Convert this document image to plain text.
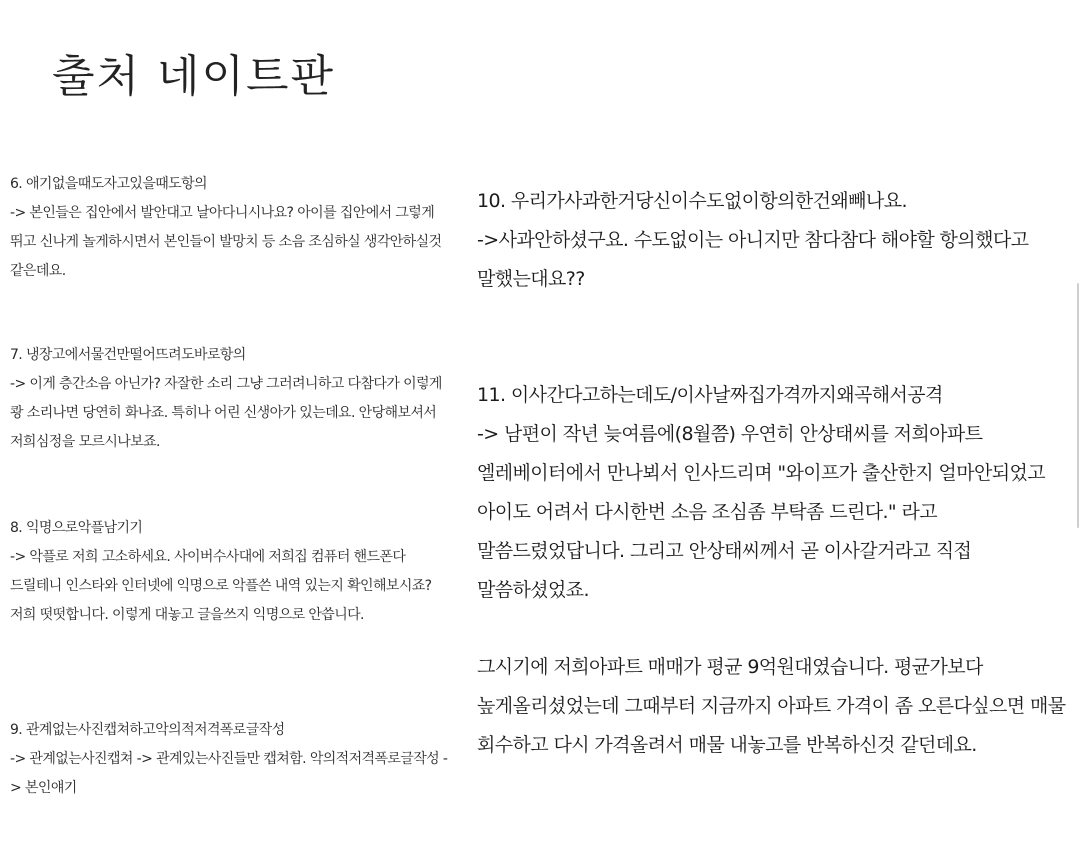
출처 네이트판

6. 애기없을때도자고있을때도항의

-> 본인들은 집안에서 발안대고 날아다니시나요? 아이를 집안에서 그렇게 뛰고 신나게 놀게하시면서 본인들이 발망치 등 소음 조심하실 생각안하실것 같은데요.

7. 냉장고에서물건만떨어뜨려도바로항의

-> 이게 층간소음 아닌가? 자잘한 소리 그냥 그러려니하고 다참다가 이렇게 쾅 소리나면 당연히 화나죠. 특히나 어린 신생아가 있는데요. 안당해보셔서 저희심정을 모르시나보죠.

8. 익명으로악플남기기

-> 악플로 저희 고소하세요. 사이버수사대에 저희집 컴퓨터 핸드폰다 드릴테니 인스타와 인터넷에 익명으로 악플쓴 내역 있는지 확인해보시죠? 저희 떳떳합니다. 이렇게 대놓고 글을쓰지 익명으로 안씁니다.

9. 관계없는사진캡쳐하고악의적저격폭로글작성

-> 관계없는사진캡쳐 -> 관계있는사진들만 캡쳐함. 악의적저격폭로글작성 -> 본인얘기

10. 우리가사과한거당신이수도없이항의한건왜빼나요.

->사과안하셨구요. 수도없이는 아니지만 참다참다 해야할 항의했다고 말했는대요??

11. 이사간다고하는데도/이사날짜집가격까지왜곡해서공격

-> 남편이 작년 늦여름에(8월쯤) 우연히 안상태씨를 저희아파트 엘레베이터에서 만나뵈서 인사드리며 "와이프가 출산한지 얼마안되었고 아이도 어려서 다시한번 소음 조심좀 부탁좀 드린다." 라고 말씀드렸었답니다. 그리고 안상태씨께서 곧 이사갈거라고 직접 말씀하셨었죠.

그시기에 저희아파트 매매가 평균 9억원대였습니다. 평균가보다 높게올리셨었는데 그때부터 지금까지 아파트 가격이 좀 오른다싶으면 매물 회수하고 다시 가격올려서 매물 내놓고를 반복하신것 같던데요.
